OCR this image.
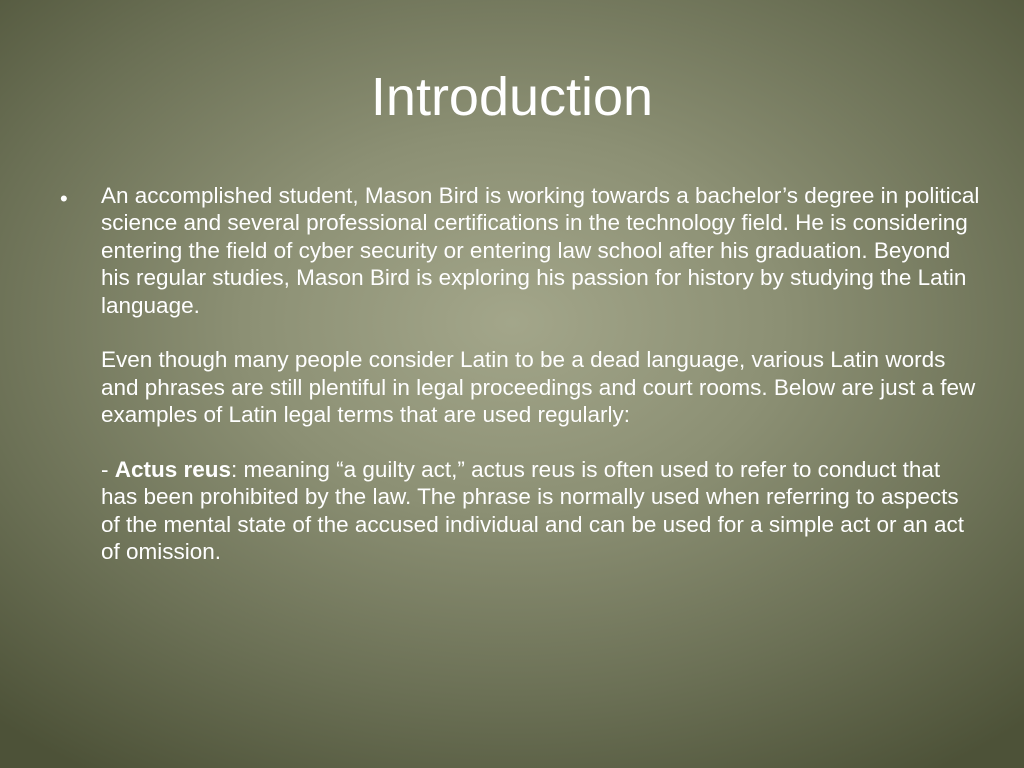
Introduction
• An accomplished student, Mason Bird is working towards a bachelor’s degree in political science and several professional certifications in the technology field. He is considering entering the field of cyber security or entering law school after his graduation. Beyond his regular studies, Mason Bird is exploring his passion for history by studying the Latin language.

Even though many people consider Latin to be a dead language, various Latin words and phrases are still plentiful in legal proceedings and court rooms. Below are just a few examples of Latin legal terms that are used regularly:

- Actus reus: meaning “a guilty act,” actus reus is often used to refer to conduct that has been prohibited by the law. The phrase is normally used when referring to aspects of the mental state of the accused individual and can be used for a simple act or an act of omission.
